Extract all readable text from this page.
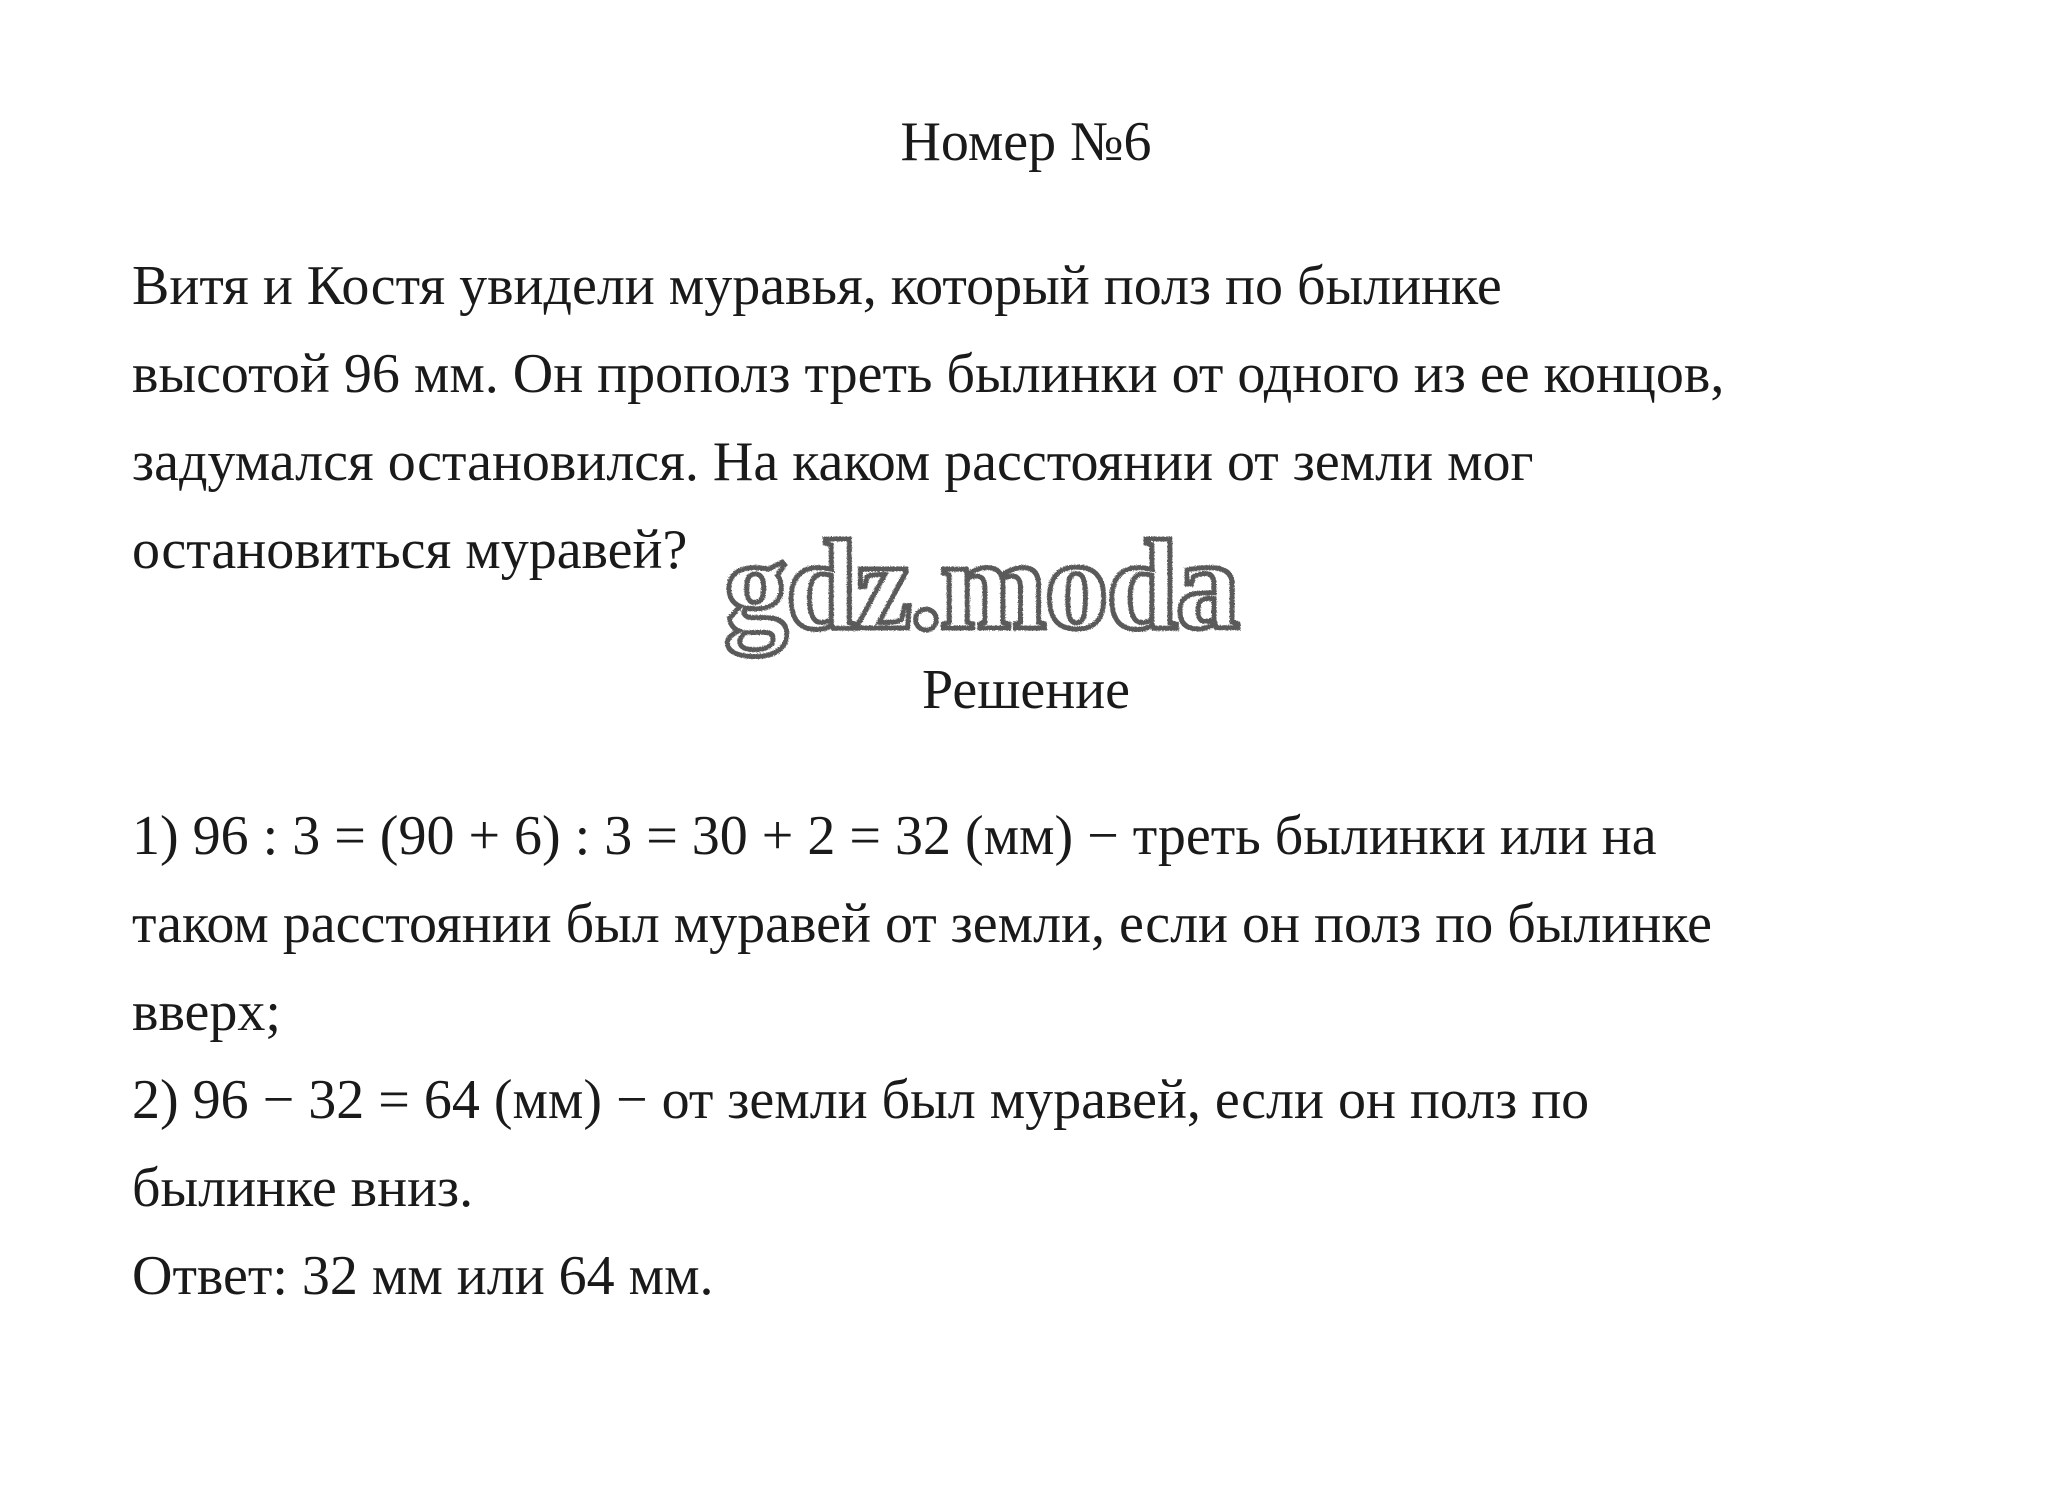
Номер №6
Витя и Костя увидели муравья, который полз по былинке
высотой 96 мм. Он прополз треть былинки от одного из ее концов,
задумался остановился. На каком расстоянии от земли мог
остановиться муравей? gdz.moda
Решение
1) 96 : 3 = (90 + 6) : 3 = 30 + 2 = 32 (мм) − треть былинки или на
таком расстоянии был муравей от земли, если он полз по былинке
вверх;
2) 96 − 32 = 64 (мм) − от земли был муравей, если он полз по
былинке вниз.
Ответ: 32 мм или 64 мм.
